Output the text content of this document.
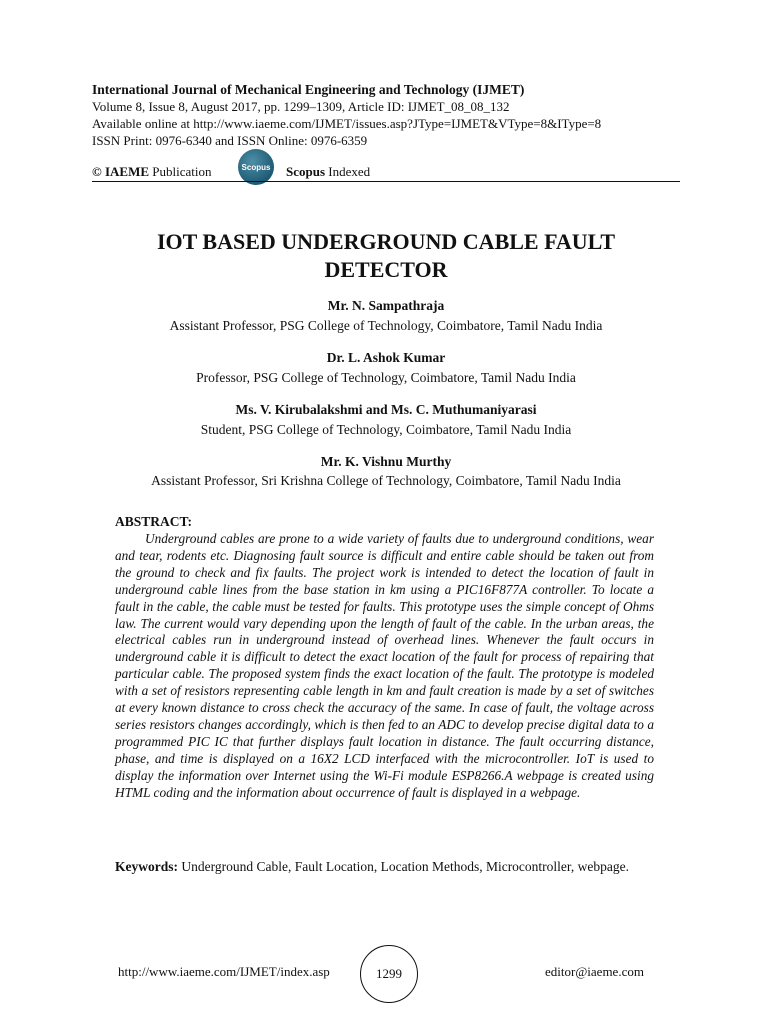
International Journal of Mechanical Engineering and Technology (IJMET)
Volume 8, Issue 8, August 2017, pp. 1299–1309, Article ID: IJMET_08_08_132
Available online at http://www.iaeme.com/IJMET/issues.asp?JType=IJMET&VType=8&IType=8
ISSN Print: 0976-6340 and ISSN Online: 0976-6359
© IAEME Publication	Scopus Scopus Indexed
IOT BASED UNDERGROUND CABLE FAULT
DETECTOR
Mr. N. Sampathraja
Assistant Professor, PSG College of Technology, Coimbatore, Tamil Nadu India
Dr. L. Ashok Kumar
Professor, PSG College of Technology, Coimbatore, Tamil Nadu India
Ms. V. Kirubalakshmi and Ms. C. Muthumaniyarasi
Student, PSG College of Technology, Coimbatore, Tamil Nadu India
Mr. K. Vishnu Murthy
Assistant Professor, Sri Krishna College of Technology, Coimbatore, Tamil Nadu India
ABSTRACT:
Underground cables are prone to a wide variety of faults due to underground conditions, wear and tear, rodents etc. Diagnosing fault source is difficult and entire cable should be taken out from the ground to check and fix faults. The project work is intended to detect the location of fault in underground cable lines from the base station in km using a PIC16F877A controller. To locate a fault in the cable, the cable must be tested for faults. This prototype uses the simple concept of Ohms law. The current would vary depending upon the length of fault of the cable. In the urban areas, the electrical cables run in underground instead of overhead lines. Whenever the fault occurs in underground cable it is difficult to detect the exact location of the fault for process of repairing that particular cable. The proposed system finds the exact location of the fault. The prototype is modeled with a set of resistors representing cable length in km and fault creation is made by a set of switches at every known distance to cross check the accuracy of the same. In case of fault, the voltage across series resistors changes accordingly, which is then fed to an ADC to develop precise digital data to a programmed PIC IC that further displays fault location in distance. The fault occurring distance, phase, and time is displayed on a 16X2 LCD interfaced with the microcontroller. IoT is used to display the information over Internet using the Wi-Fi module ESP8266.A webpage is created using HTML coding and the information about occurrence of fault is displayed in a webpage.
Keywords: Underground Cable, Fault Location, Location Methods, Microcontroller, webpage.
http://www.iaeme.com/IJMET/index.asp	1299	editor@iaeme.com
